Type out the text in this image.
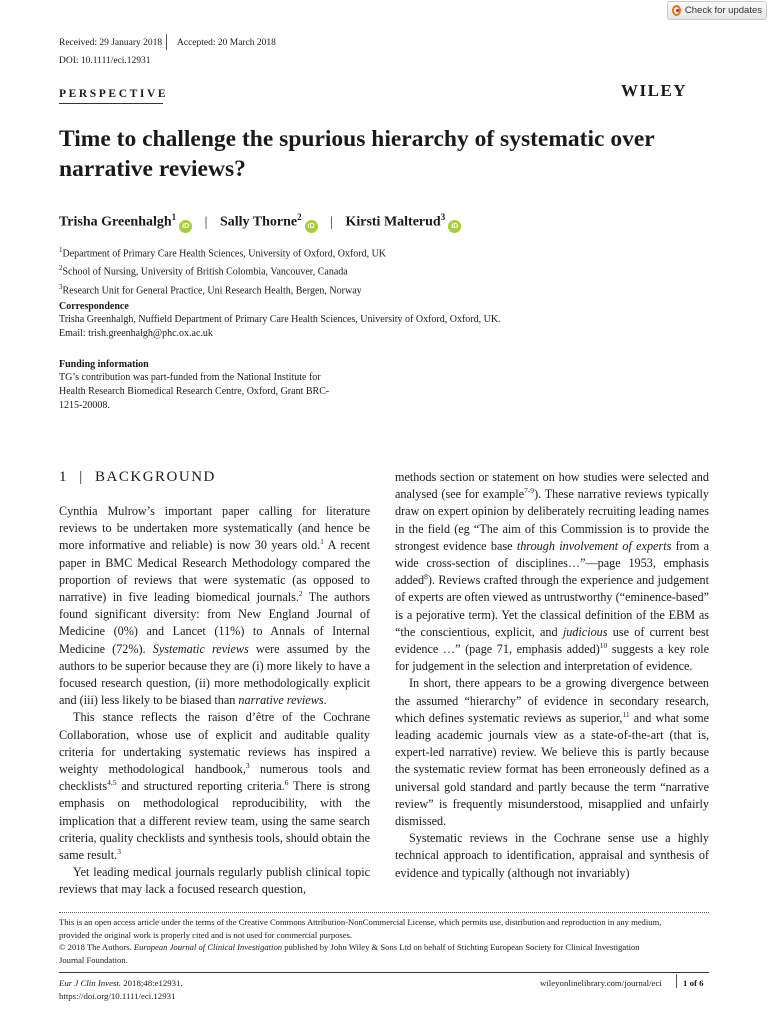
Check for updates
Received: 29 January 2018 Accepted: 20 March 2018
DOI: 10.1111/eci.12931
PERSPECTIVE	WILEY
Time to challenge the spurious hierarchy of systematic over narrative reviews?
Trisha Greenhalgh$^1$iD | Sally Thorne$^2$iD | Kirsti Malterud$^3$iD
$^1$Department of Primary Care Health Sciences, University of Oxford, Oxford, UK
$^2$School of Nursing, University of British Colombia, Vancouver, Canada
$^3$Research Unit for General Practice, Uni Research Health, Bergen, Norway
Correspondence
Trisha Greenhalgh, Nuffield Department of Primary Care Health Sciences, University of Oxford, Oxford, UK.
Email: trish.greenhalgh@phc.ox.ac.uk
Funding information
TG’s contribution was part-funded from the National Institute for
Health Research Biomedical Research Centre, Oxford, Grant BRC-
1215-20008.
1 | BACKGROUND

Cynthia Mulrow’s important paper calling for literature reviews to be undertaken more systematically (and hence be more informative and reliable) is now 30 years old.$^1$ A recent paper in BMC Medical Research Methodology compared the proportion of reviews that were systematic (as opposed to narrative) in five leading biomedical journals.$^2$ The authors found significant diversity: from New England Journal of Medicine (0%) and Lancet (11%) to Annals of Internal Medicine (72%). Systematic reviews were assumed by the authors to be superior because they are (i) more likely to have a focused research question, (ii) more methodologically explicit and (iii) less likely to be biased than narrative reviews.

This stance reflects the raison d’être of the Cochrane Collaboration, whose use of explicit and auditable quality criteria for undertaking systematic reviews has inspired a weighty methodological handbook,$^3$ numerous tools and checklists$^{4,5}$ and structured reporting criteria.$^6$ There is strong emphasis on methodological reproducibility, with the implication that a different review team, using the same search criteria, quality checklists and synthesis tools, should obtain the same result.$^3$

Yet leading medical journals regularly publish clinical topic reviews that may lack a focused research question,

methods section or statement on how studies were selected and analysed (see for example$^{7-9}$). These narrative reviews typically draw on expert opinion by deliberately recruiting leading names in the field (eg “The aim of this Commission is to provide the strongest evidence base through involvement of experts from a wide cross-section of disciplines…”—page 1953, emphasis added$^8$). Reviews crafted through the experience and judgement of experts are often viewed as untrustworthy (“eminence-based” is a pejorative term). Yet the classical definition of the EBM as “the conscientious, explicit, and judicious use of current best evidence …” (page 71, emphasis added)$^{10}$ suggests a key role for judgement in the selection and interpretation of evidence.

In short, there appears to be a growing divergence between the assumed “hierarchy” of evidence in secondary research, which defines systematic reviews as superior,$^{11}$ and what some leading academic journals view as a state-of-the-art (that is, expert-led narrative) review. We believe this is partly because the systematic review format has been erroneously defined as a universal gold standard and partly because the term “narrative review” is frequently misunderstood, misapplied and unfairly dismissed.

Systematic reviews in the Cochrane sense use a highly technical approach to identification, appraisal and synthesis of evidence and typically (although not invariably)

This is an open access article under the terms of the Creative Commons Attribution-NonCommercial License, which permits use, distribution and reproduction in any medium,
provided the original work is properly cited and is not used for commercial purposes.
© 2018 The Authors. European Journal of Clinical Investigation published by John Wiley & Sons Ltd on behalf of Stichting European Society for Clinical Investigation
Journal Foundation.
Eur J Clin Invest. 2018;48:e12931.
https://doi.org/10.1111/eci.12931
wileyonlinelibrary.com/journal/eci 1 of 6
